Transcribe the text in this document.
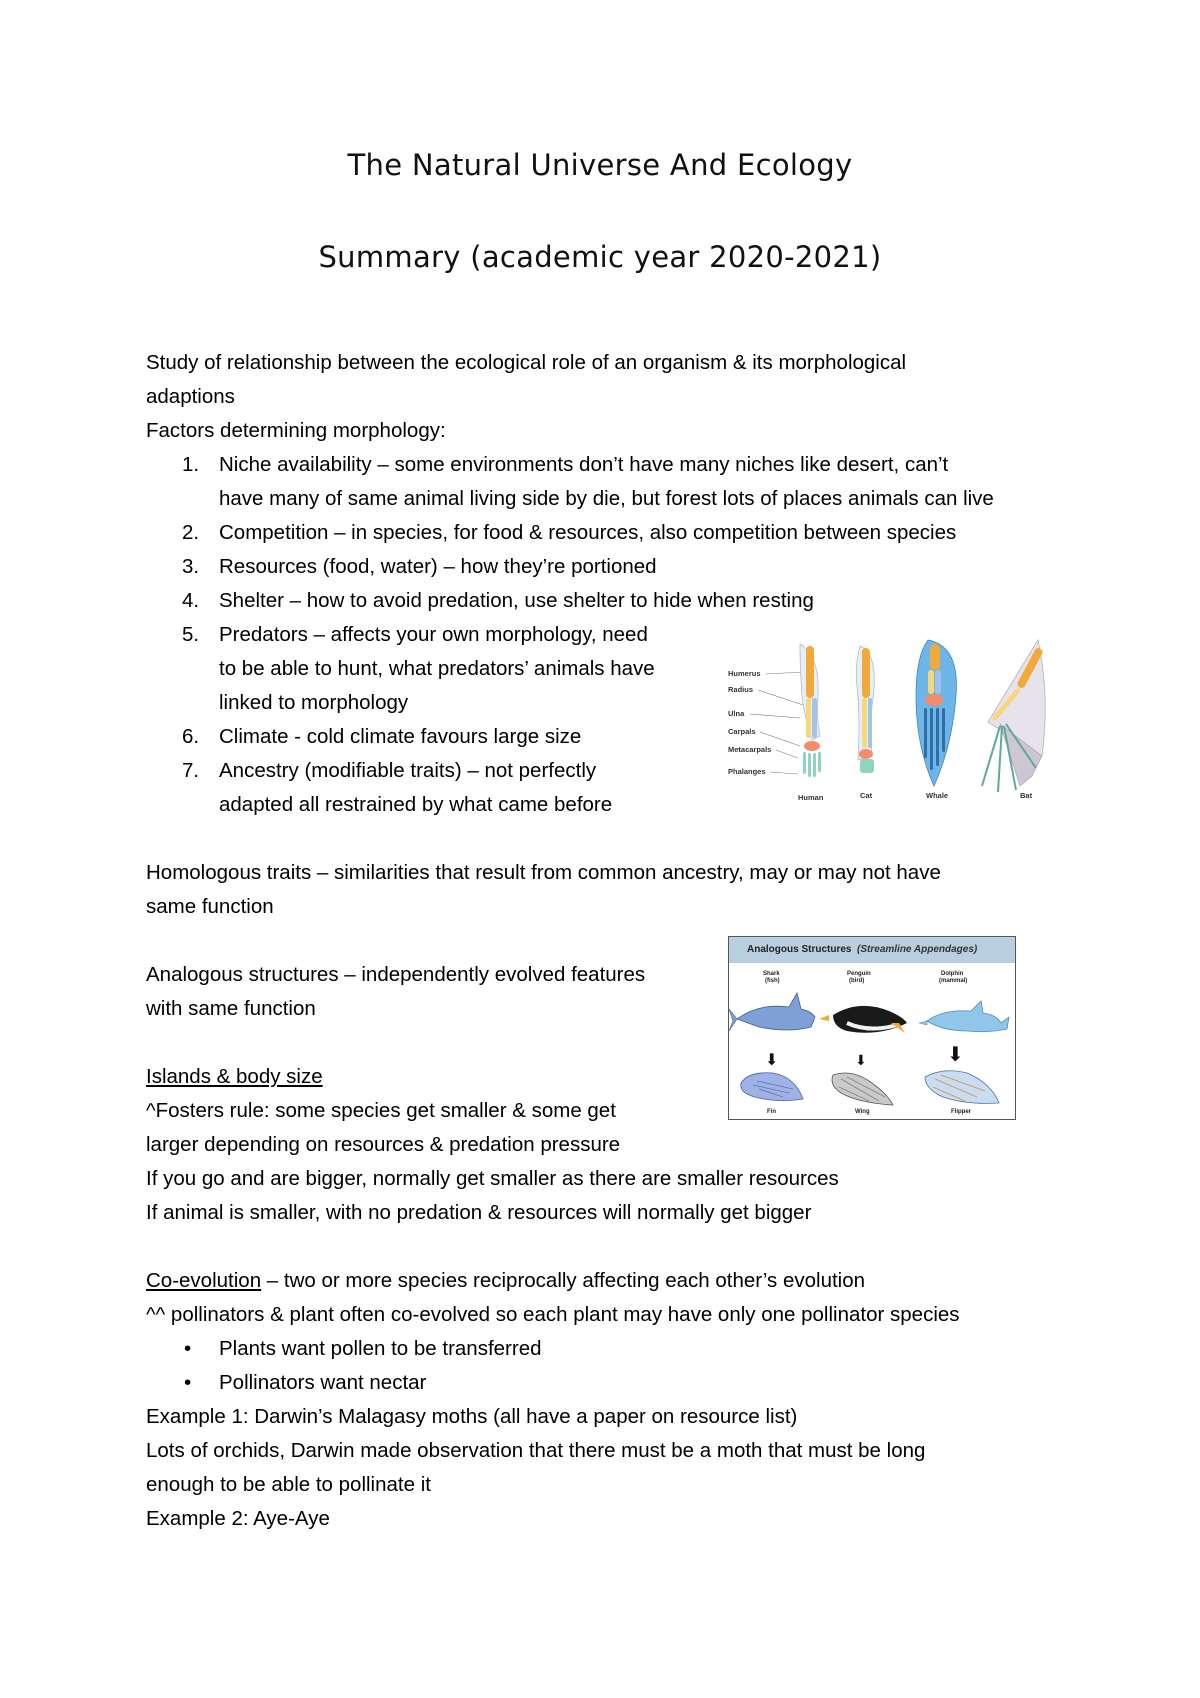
The Natural Universe And Ecology
Summary (academic year 2020-2021)
Study of relationship between the ecological role of an organism & its morphological
adaptions
Factors determining morphology:
1. Niche availability – some environments don’t have many niches like desert, can’t
have many of same animal living side by die, but forest lots of places animals can live
2. Competition – in species, for food & resources, also competition between species
3. Resources (food, water) – how they’re portioned
4. Shelter – how to avoid predation, use shelter to hide when resting
5. Predators – affects your own morphology, need
to be able to hunt, what predators’ animals have
linked to morphology
6. Climate - cold climate favours large size
7. Ancestry (modifiable traits) – not perfectly
adapted all restrained by what came before
Homologous traits – similarities that result from common ancestry, may or may not have
same function
Analogous structures – independently evolved features
with same function
Islands & body size
^Fosters rule: some species get smaller & some get
larger depending on resources & predation pressure
If you go and are bigger, normally get smaller as there are smaller resources
If animal is smaller, with no predation & resources will normally get bigger
Co-evolution – two or more species reciprocally affecting each other’s evolution
^^ pollinators & plant often co-evolved so each plant may have only one pollinator species
• Plants want pollen to be transferred
• Pollinators want nectar
Example 1: Darwin’s Malagasy moths (all have a paper on resource list)
Lots of orchids, Darwin made observation that there must be a moth that must be long
enough to be able to pollinate it
Example 2: Aye-Aye
Humerus
Radius
Ulna
Carpals
Metacarpals
Phalanges
Human	Cat	Whale	Bat
Analogous Structures (Streamline Appendages)
Shark
(fish)
Penguin
(bird)
Dolphin
(mammal)
⬇	⬇	⬇
Fin	Wing	Flipper
